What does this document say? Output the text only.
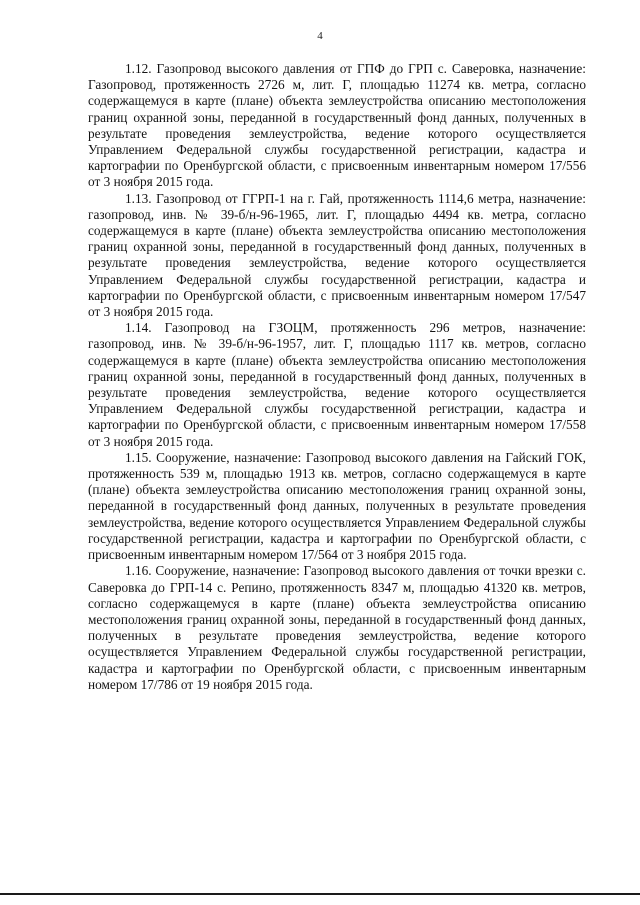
4

1.12. Газопровод высокого давления от ГПФ до ГРП с. Саверовка, назначение: Газопровод, протяженность 2726 м, лит. Г, площадью 11274 кв. метра, согласно содержащемуся в карте (плане) объекта землеустройства описанию местоположения границ охранной зоны, переданной в государственный фонд данных, полученных в результате проведения землеустройства, ведение которого осуществляется Управлением Федеральной службы государственной регистрации, кадастра и картографии по Оренбургской области, с присвоенным инвентарным номером 17/556 от 3 ноября 2015 года.

1.13. Газопровод от ГГРП-1 на г. Гай, протяженность 1114,6 метра, назначение: газопровод, инв. № 39-б/н-96-1965, лит. Г, площадью 4494 кв. метра, согласно содержащемуся в карте (плане) объекта землеустройства описанию местоположения границ охранной зоны, переданной в государственный фонд данных, полученных в результате проведения землеустройства, ведение которого осуществляется Управлением Федеральной службы государственной регистрации, кадастра и картографии по Оренбургской области, с присвоенным инвентарным номером 17/547 от 3 ноября 2015 года.

1.14. Газопровод на ГЗОЦМ, протяженность 296 метров, назначение: газопровод, инв. № 39-б/н-96-1957, лит. Г, площадью 1117 кв. метров, согласно содержащемуся в карте (плане) объекта землеустройства описанию местоположения границ охранной зоны, переданной в государственный фонд данных, полученных в результате проведения землеустройства, ведение которого осуществляется Управлением Федеральной службы государственной регистрации, кадастра и картографии по Оренбургской области, с присвоенным инвентарным номером 17/558 от 3 ноября 2015 года.

1.15. Сооружение, назначение: Газопровод высокого давления на Гайский ГОК, протяженность 539 м, площадью 1913 кв. метров, согласно содержащемуся в карте (плане) объекта землеустройства описанию местоположения границ охранной зоны, переданной в государственный фонд данных, полученных в результате проведения землеустройства, ведение которого осуществляется Управлением Федеральной службы государственной регистрации, кадастра и картографии по Оренбургской области, с присвоенным инвентарным номером 17/564 от 3 ноября 2015 года.

1.16. Сооружение, назначение: Газопровод высокого давления от точки врезки с. Саверовка до ГРП-14 с. Репино, протяженность 8347 м, площадью 41320 кв. метров, согласно содержащемуся в карте (плане) объекта землеустройства описанию местоположения границ охранной зоны, переданной в государственный фонд данных, полученных в результате проведения землеустройства, ведение которого осуществляется Управлением Федеральной службы государственной регистрации, кадастра и картографии по Оренбургской области, с присвоенным инвентарным номером 17/786 от 19 ноября 2015 года.
